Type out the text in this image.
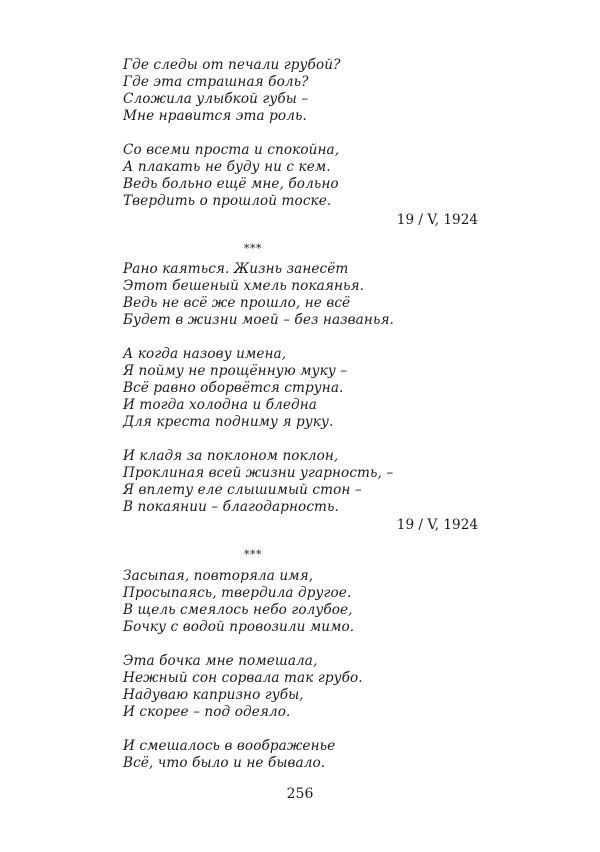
Где следы от печали грубой?
Где эта страшная боль?
Сложила улыбкой губы –
Мне нравится эта роль.
Со всеми проста и спокойна,
А плакать не буду ни с кем.
Ведь больно ещё мне, больно
Твердить о прошлой тоске.
19 / V, 1924
***
Рано каяться. Жизнь занесёт
Этот бешеный хмель покаянья.
Ведь не всё же прошло, не всё
Будет в жизни моей – без названья.
А когда назову имена,
Я пойму не прощённую муку –
Всё равно оборвётся струна.
И тогда холодна и бледна
Для креста подниму я руку.
И кладя за поклоном поклон,
Проклиная всей жизни угарность, –
Я вплету еле слышимый стон –
В покаянии – благодарность.
19 / V, 1924
***
Засыпая, повторяла имя,
Просыпаясь, твердила другое.
В щель смеялось небо голубое,
Бочку с водой провозили мимо.
Эта бочка мне помешала,
Нежный сон сорвала так грубо.
Надуваю капризно губы,
И скорее – под одеяло.
И смешалось в воображенье
Всё, что было и не бывало.
256
